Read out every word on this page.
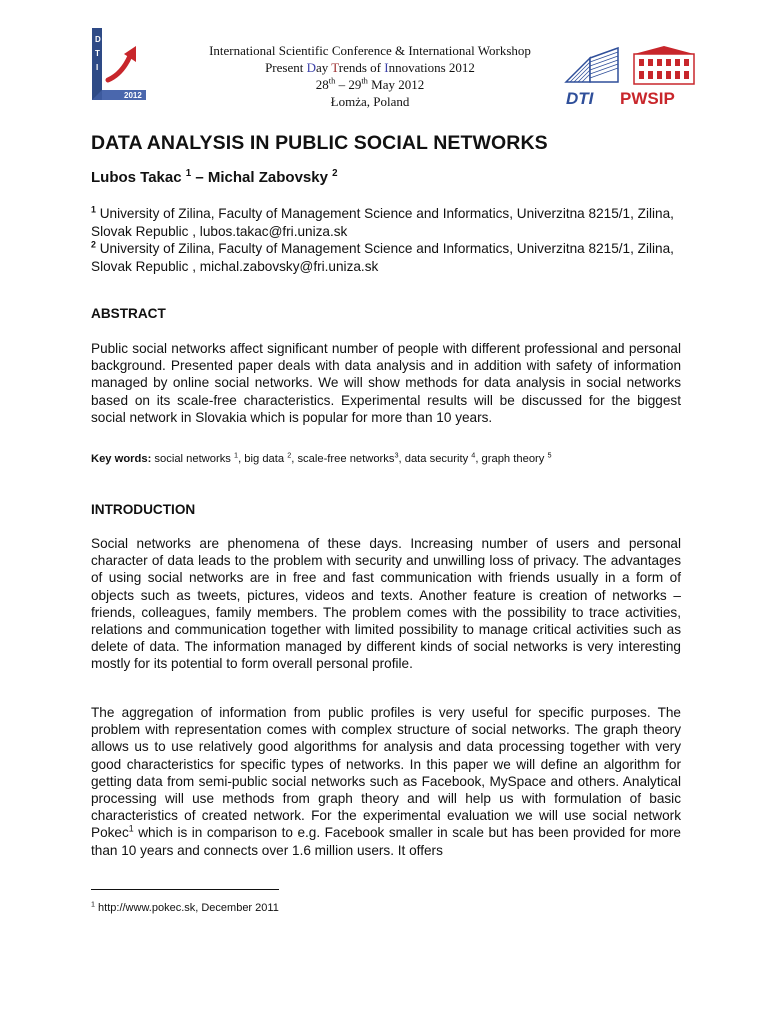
D
T
I
2012
International Scientific Conference & International Workshop
Present Day Trends of Innovations 2012
28th – 29th May 2012
Łomża, Poland	DTI PWSIP
DATA ANALYSIS IN PUBLIC SOCIAL NETWORKS
Lubos Takac $^1$ – Michal Zabovsky $^2$
$^1$ University of Zilina, Faculty of Management Science and Informatics, Univerzitna 8215/1, Zilina, Slovak Republic , lubos.takac@fri.uniza.sk
$^2$ University of Zilina, Faculty of Management Science and Informatics, Univerzitna 8215/1, Zilina, Slovak Republic , michal.zabovsky@fri.uniza.sk
ABSTRACT
Public social networks affect significant number of people with different professional and personal background. Presented paper deals with data analysis and in addition with safety of information managed by online social networks. We will show methods for data analysis in social networks based on its scale-free characteristics. Experimental results will be discussed for the biggest social network in Slovakia which is popular for more than 10 years.
Key words: social networks $^1$, big data $^2$, scale-free networks$^3$, data security $^4$, graph theory $^5$
INTRODUCTION
Social networks are phenomena of these days. Increasing number of users and personal character of data leads to the problem with security and unwilling loss of privacy. The advantages of using social networks are in free and fast communication with friends usually in a form of objects such as tweets, pictures, videos and texts. Another feature is creation of networks – friends, colleagues, family members. The problem comes with the possibility to trace activities, relations and communication together with limited possibility to manage critical activities such as delete of data. The information managed by different kinds of social networks is very interesting mostly for its potential to form overall personal profile.
The aggregation of information from public profiles is very useful for specific purposes. The problem with representation comes with complex structure of social networks. The graph theory allows us to use relatively good algorithms for analysis and data processing together with very good characteristics for specific types of networks. In this paper we will define an algorithm for getting data from semi-public social networks such as Facebook, MySpace and others. Analytical processing will use methods from graph theory and will help us with formulation of basic characteristics of created network. For the experimental evaluation we will use social network Pokec$^1$ which is in comparison to e.g. Facebook smaller in scale but has been provided for more than 10 years and connects over 1.6 million users. It offers
$^1$ http://www.pokec.sk, December 2011
